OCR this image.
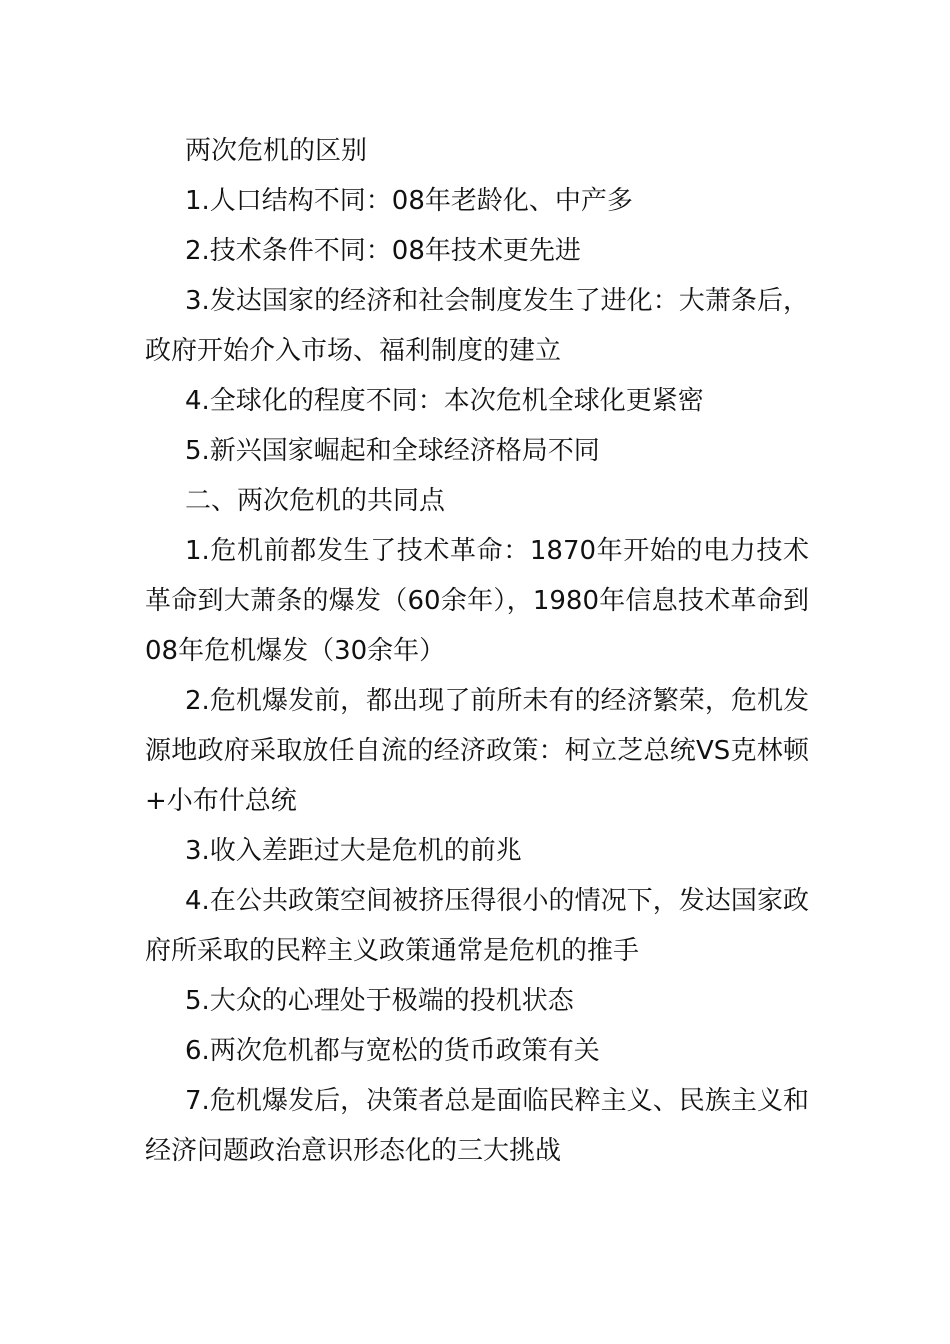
两次危机的区别

1.人口结构不同：08年老龄化、中产多

2.技术条件不同：08年技术更先进

3.发达国家的经济和社会制度发生了进化：大萧条后，政府开始介入市场、福利制度的建立

4.全球化的程度不同：本次危机全球化更紧密

5.新兴国家崛起和全球经济格局不同

二、两次危机的共同点

1.危机前都发生了技术革命：1870年开始的电力技术革命到大萧条的爆发（60余年），1980年信息技术革命到08年危机爆发（30余年）

2.危机爆发前，都出现了前所未有的经济繁荣，危机发源地政府采取放任自流的经济政策：柯立芝总统VS克林顿+小布什总统

3.收入差距过大是危机的前兆

4.在公共政策空间被挤压得很小的情况下，发达国家政府所采取的民粹主义政策通常是危机的推手

5.大众的心理处于极端的投机状态

6.两次危机都与宽松的货币政策有关

7.危机爆发后，决策者总是面临民粹主义、民族主义和经济问题政治意识形态化的三大挑战
